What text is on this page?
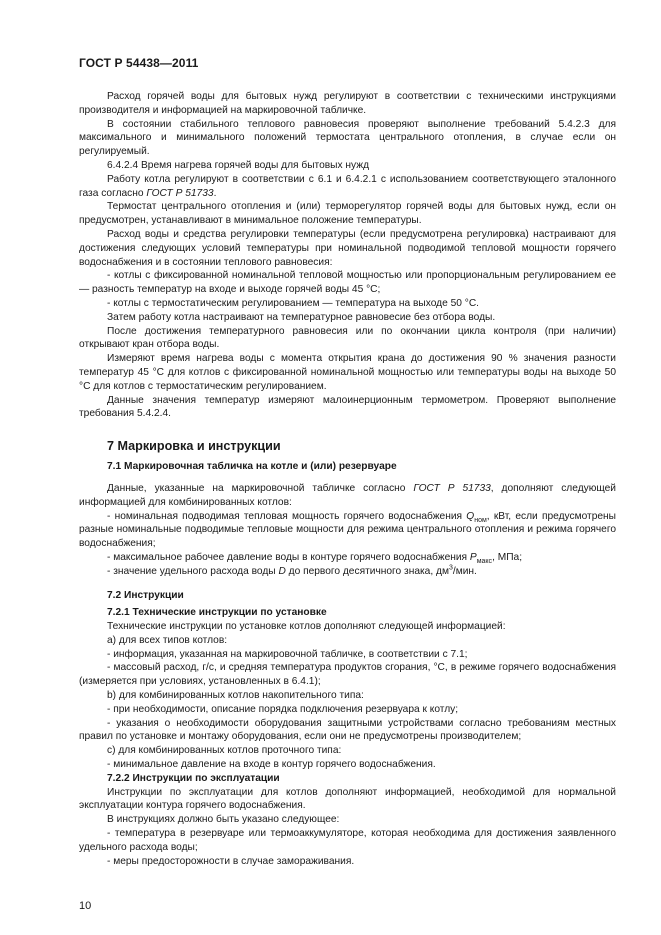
ГОСТ Р 54438—2011

Расход горячей воды для бытовых нужд регулируют в соответствии с техническими инструкциями производителя и информацией на маркировочной табличке.

В состоянии стабильного теплового равновесия проверяют выполнение требований 5.4.2.3 для максимального и минимального положений термостата центрального отопления, в случае если он регулируемый.

6.4.2.4 Время нагрева горячей воды для бытовых нужд

Работу котла регулируют в соответствии с 6.1 и 6.4.2.1 с использованием соответствующего эталонного газа согласно ГОСТ Р 51733.

Термостат центрального отопления и (или) терморегулятор горячей воды для бытовых нужд, если он предусмотрен, устанавливают в минимальное положение температуры.

Расход воды и средства регулировки температуры (если предусмотрена регулировка) настраивают для достижения следующих условий температуры при номинальной подводимой тепловой мощности горячего водоснабжения и в состоянии теплового равновесия:

- котлы с фиксированной номинальной тепловой мощностью или пропорциональным регулированием ее — разность температур на входе и выходе горячей воды 45 °С;

- котлы с термостатическим регулированием — температура на выходе 50 °С.

Затем работу котла настраивают на температурное равновесие без отбора воды.

После достижения температурного равновесия или по окончании цикла контроля (при наличии) открывают кран отбора воды.

Измеряют время нагрева воды с момента открытия крана до достижения 90 % значения разности температур 45 °С для котлов с фиксированной номинальной мощностью или температуры воды на выходе 50 °С для котлов с термостатическим регулированием.

Данные значения температур измеряют малоинерционным термометром. Проверяют выполнение требования 5.4.2.4.

7 Маркировка и инструкции

7.1 Маркировочная табличка на котле и (или) резервуаре

Данные, указанные на маркировочной табличке согласно ГОСТ Р 51733, дополняют следующей информацией для комбинированных котлов:

- номинальная подводимая тепловая мощность горячего водоснабжения $Q_{ном}$, кВт, если предусмотрены разные номинальные подводимые тепловые мощности для режима центрального отопления и режима горячего водоснабжения;

- максимальное рабочее давление воды в контуре горячего водоснабжения $P_{макс}$, МПа;

- значение удельного расхода воды D до первого десятичного знака, $дм^3$/мин.

7.2 Инструкции

7.2.1 Технические инструкции по установке

Технические инструкции по установке котлов дополняют следующей информацией:

а) для всех типов котлов:

- информация, указанная на маркировочной табличке, в соответствии с 7.1;

- массовый расход, г/с, и средняя температура продуктов сгорания, °С, в режиме горячего водоснабжения (измеряется при условиях, установленных в 6.4.1);

b) для комбинированных котлов накопительного типа:

- при необходимости, описание порядка подключения резервуара к котлу;

- указания о необходимости оборудования защитными устройствами согласно требованиям местных правил по установке и монтажу оборудования, если они не предусмотрены производителем;

с) для комбинированных котлов проточного типа:

- минимальное давление на входе в контур горячего водоснабжения.

7.2.2 Инструкции по эксплуатации

Инструкции по эксплуатации для котлов дополняют информацией, необходимой для нормальной эксплуатации контура горячего водоснабжения.

В инструкциях должно быть указано следующее:

- температура в резервуаре или термоаккумуляторе, которая необходима для достижения заявленного удельного расхода воды;

- меры предосторожности в случае замораживания.

10
